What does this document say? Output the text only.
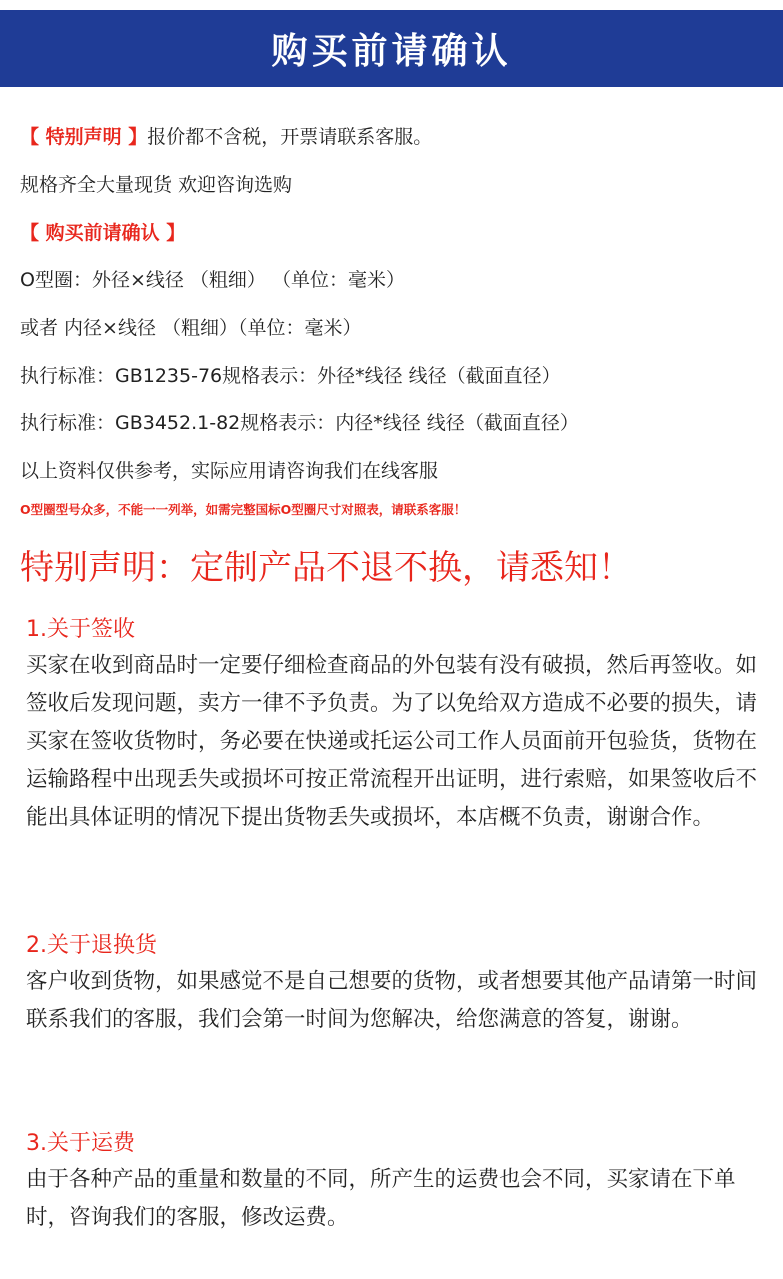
购买前请确认
【 特别声明 】报价都不含税，开票请联系客服。
规格齐全大量现货 欢迎咨询选购
【 购买前请确认 】
O型圈：外径×线径 （粗细） （单位：毫米）
或者 内径×线径 （粗细）（单位：毫米）
执行标准：GB1235-76规格表示：外径*线径 线径（截面直径）
执行标准：GB3452.1-82规格表示：内径*线径 线径（截面直径）
以上资料仅供参考，实际应用请咨询我们在线客服
O型圈型号众多，不能一一列举，如需完整国标O型圈尺寸对照表，请联系客服！
特别声明：定制产品不退不换，请悉知！
1.关于签收
买家在收到商品时一定要仔细检查商品的外包装有没有破损，然后再签收。如签收后发现问题，卖方一律不予负责。为了以免给双方造成不必要的损失，请买家在签收货物时，务必要在快递或托运公司工作人员面前开包验货，货物在运输路程中出现丢失或损坏可按正常流程开出证明，进行索赔，如果签收后不能出具体证明的情况下提出货物丢失或损坏，本店概不负责，谢谢合作。
2.关于退换货
客户收到货物，如果感觉不是自己想要的货物，或者想要其他产品请第一时间联系我们的客服，我们会第一时间为您解决，给您满意的答复，谢谢。
3.关于运费
由于各种产品的重量和数量的不同，所产生的运费也会不同，买家请在下单时，咨询我们的客服，修改运费。
